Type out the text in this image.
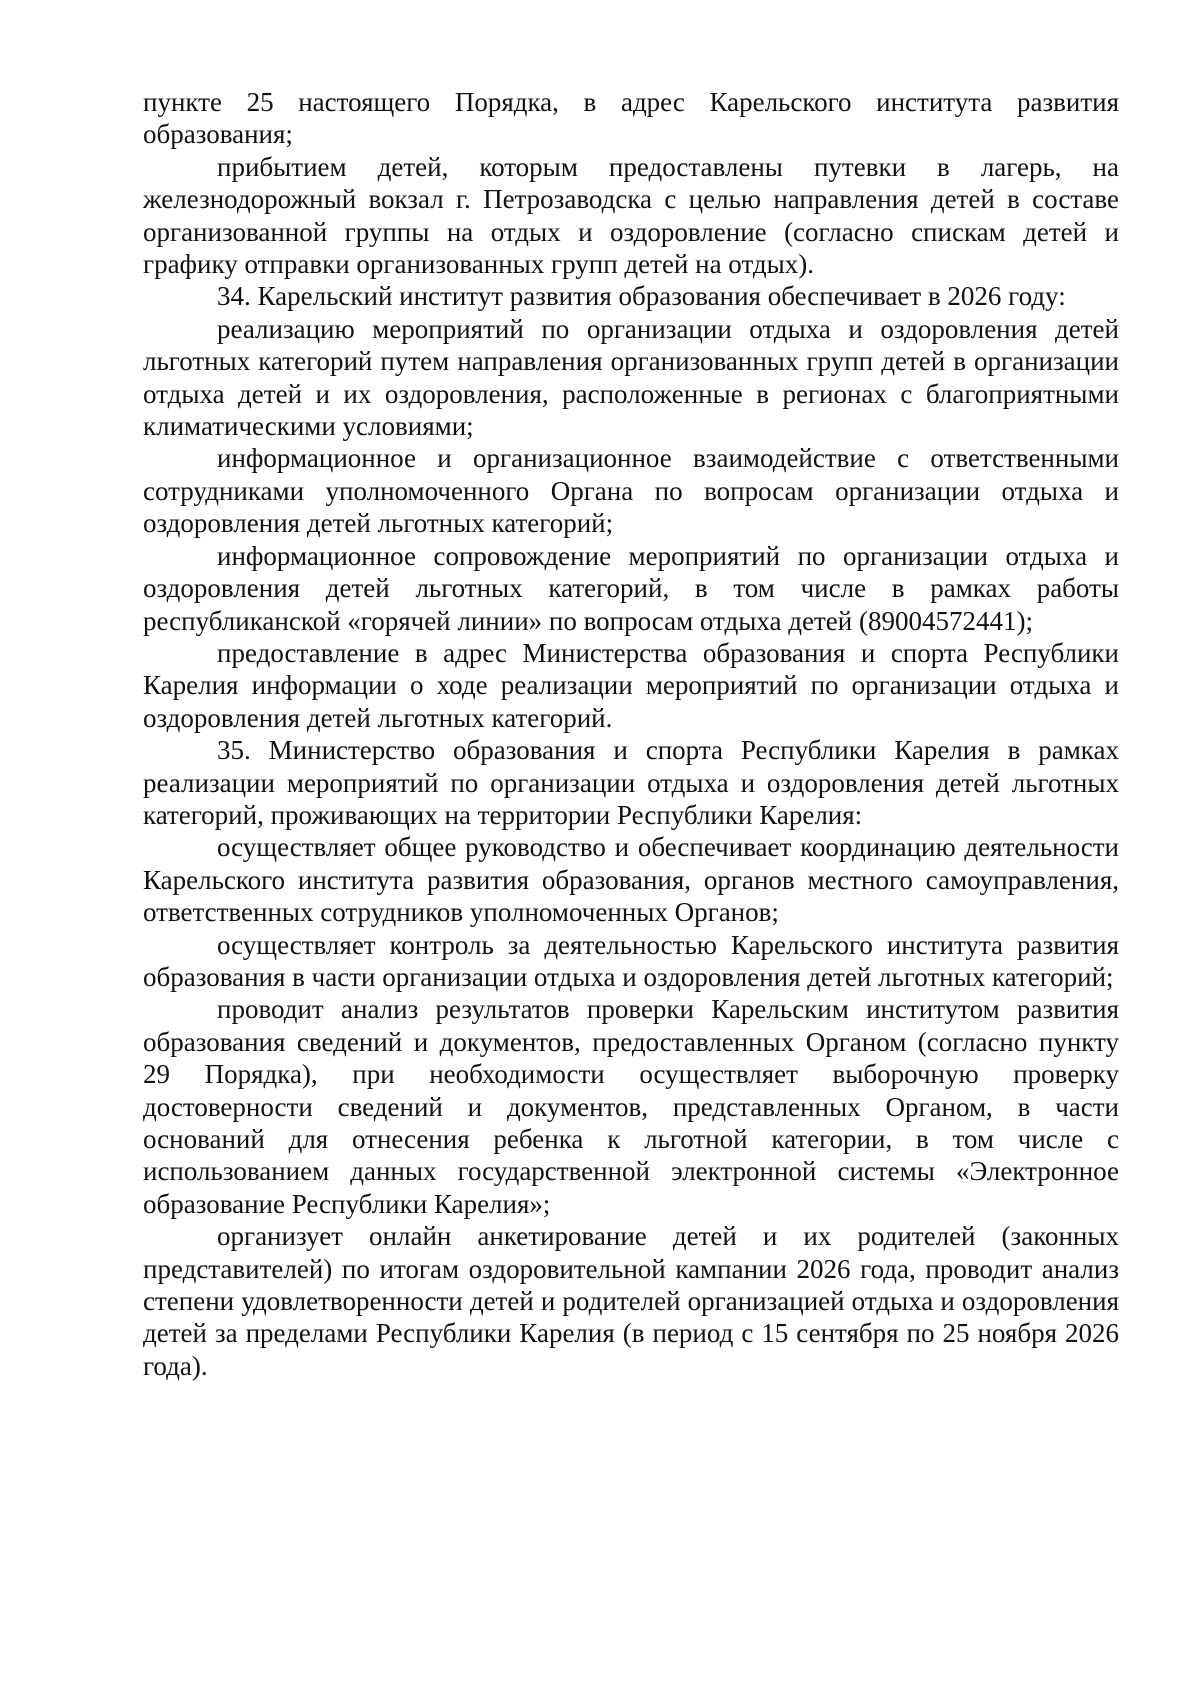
пункте 25 настоящего Порядка, в адрес Карельского института развития образования;

прибытием детей, которым предоставлены путевки в лагерь, на железнодорожный вокзал г. Петрозаводска с целью направления детей в составе организованной группы на отдых и оздоровление (согласно спискам детей и графику отправки организованных групп детей на отдых).

34. Карельский институт развития образования обеспечивает в 2026 году:

реализацию мероприятий по организации отдыха и оздоровления детей льготных категорий путем направления организованных групп детей в организации отдыха детей и их оздоровления, расположенные в регионах с благоприятными климатическими условиями;

информационное и организационное взаимодействие с ответственными сотрудниками уполномоченного Органа по вопросам организации отдыха и оздоровления детей льготных категорий;

информационное сопровождение мероприятий по организации отдыха и оздоровления детей льготных категорий, в том числе в рамках работы республиканской «горячей линии» по вопросам отдыха детей (89004572441);

предоставление в адрес Министерства образования и спорта Республики Карелия информации о ходе реализации мероприятий по организации отдыха и оздоровления детей льготных категорий.

35. Министерство образования и спорта Республики Карелия в рамках реализации мероприятий по организации отдыха и оздоровления детей льготных категорий, проживающих на территории Республики Карелия:

осуществляет общее руководство и обеспечивает координацию деятельности Карельского института развития образования, органов местного самоуправления, ответственных сотрудников уполномоченных Органов;

осуществляет контроль за деятельностью Карельского института развития образования в части организации отдыха и оздоровления детей льготных категорий;

проводит анализ результатов проверки Карельским институтом развития образования сведений и документов, предоставленных Органом (согласно пункту 29 Порядка), при необходимости осуществляет выборочную проверку достоверности сведений и документов, представленных Органом, в части оснований для отнесения ребенка к льготной категории, в том числе с использованием данных государственной электронной системы «Электронное образование Республики Карелия»;

организует онлайн анкетирование детей и их родителей (законных представителей) по итогам оздоровительной кампании 2026 года, проводит анализ степени удовлетворенности детей и родителей организацией отдыха и оздоровления детей за пределами Республики Карелия (в период с 15 сентября по 25 ноября 2026 года).
